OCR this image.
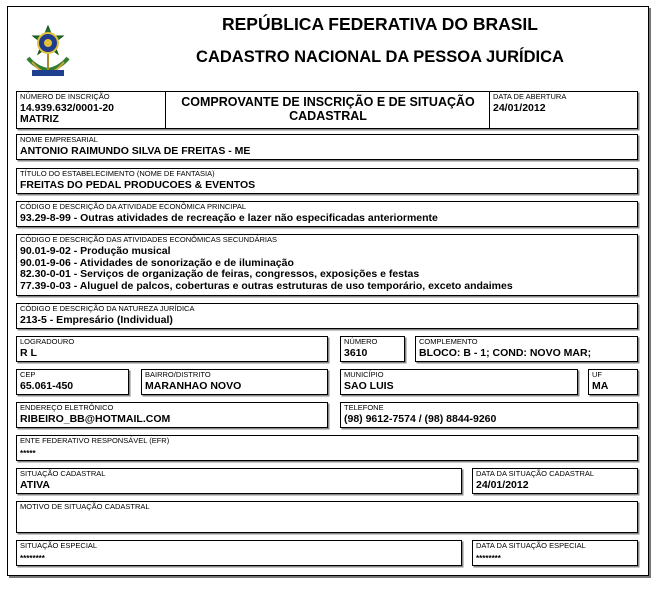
REPÚBLICA FEDERATIVA DO BRASIL
CADASTRO NACIONAL DA PESSOA JURÍDICA
NÚMERO DE INSCRIÇÃO
14.939.632/0001-20
MATRIZ
COMPROVANTE DE INSCRIÇÃO E DE SITUAÇÃO
CADASTRAL
DATA DE ABERTURA
24/01/2012
NOME EMPRESARIAL
ANTONIO RAIMUNDO SILVA DE FREITAS - ME
TÍTULO DO ESTABELECIMENTO (NOME DE FANTASIA)
FREITAS DO PEDAL PRODUCOES & EVENTOS
CÓDIGO E DESCRIÇÃO DA ATIVIDADE ECONÔMICA PRINCIPAL
93.29-8-99 - Outras atividades de recreação e lazer não especificadas anteriormente
CÓDIGO E DESCRIÇÃO DAS ATIVIDADES ECONÔMICAS SECUNDÁRIAS
90.01-9-02 - Produção musical
90.01-9-06 - Atividades de sonorização e de iluminação
82.30-0-01 - Serviços de organização de feiras, congressos, exposições e festas
77.39-0-03 - Aluguel de palcos, coberturas e outras estruturas de uso temporário, exceto andaimes
CÓDIGO E DESCRIÇÃO DA NATUREZA JURÍDICA
213-5 - Empresário (Individual)
LOGRADOURO
R L
NÚMERO
3610
COMPLEMENTO
BLOCO: B - 1; COND: NOVO MAR;
CEP
65.061-450
BAIRRO/DISTRITO
MARANHAO NOVO
MUNICÍPIO
SAO LUIS
UF
MA
ENDEREÇO ELETRÔNICO
RIBEIRO_BB@HOTMAIL.COM
TELEFONE
(98) 9612-7574 / (98) 8844-9260
ENTE FEDERATIVO RESPONSÁVEL (EFR)
*****
SITUAÇÃO CADASTRAL
ATIVA
DATA DA SITUAÇÃO CADASTRAL
24/01/2012
MOTIVO DE SITUAÇÃO CADASTRAL
SITUAÇÃO ESPECIAL
********
DATA DA SITUAÇÃO ESPECIAL
********
